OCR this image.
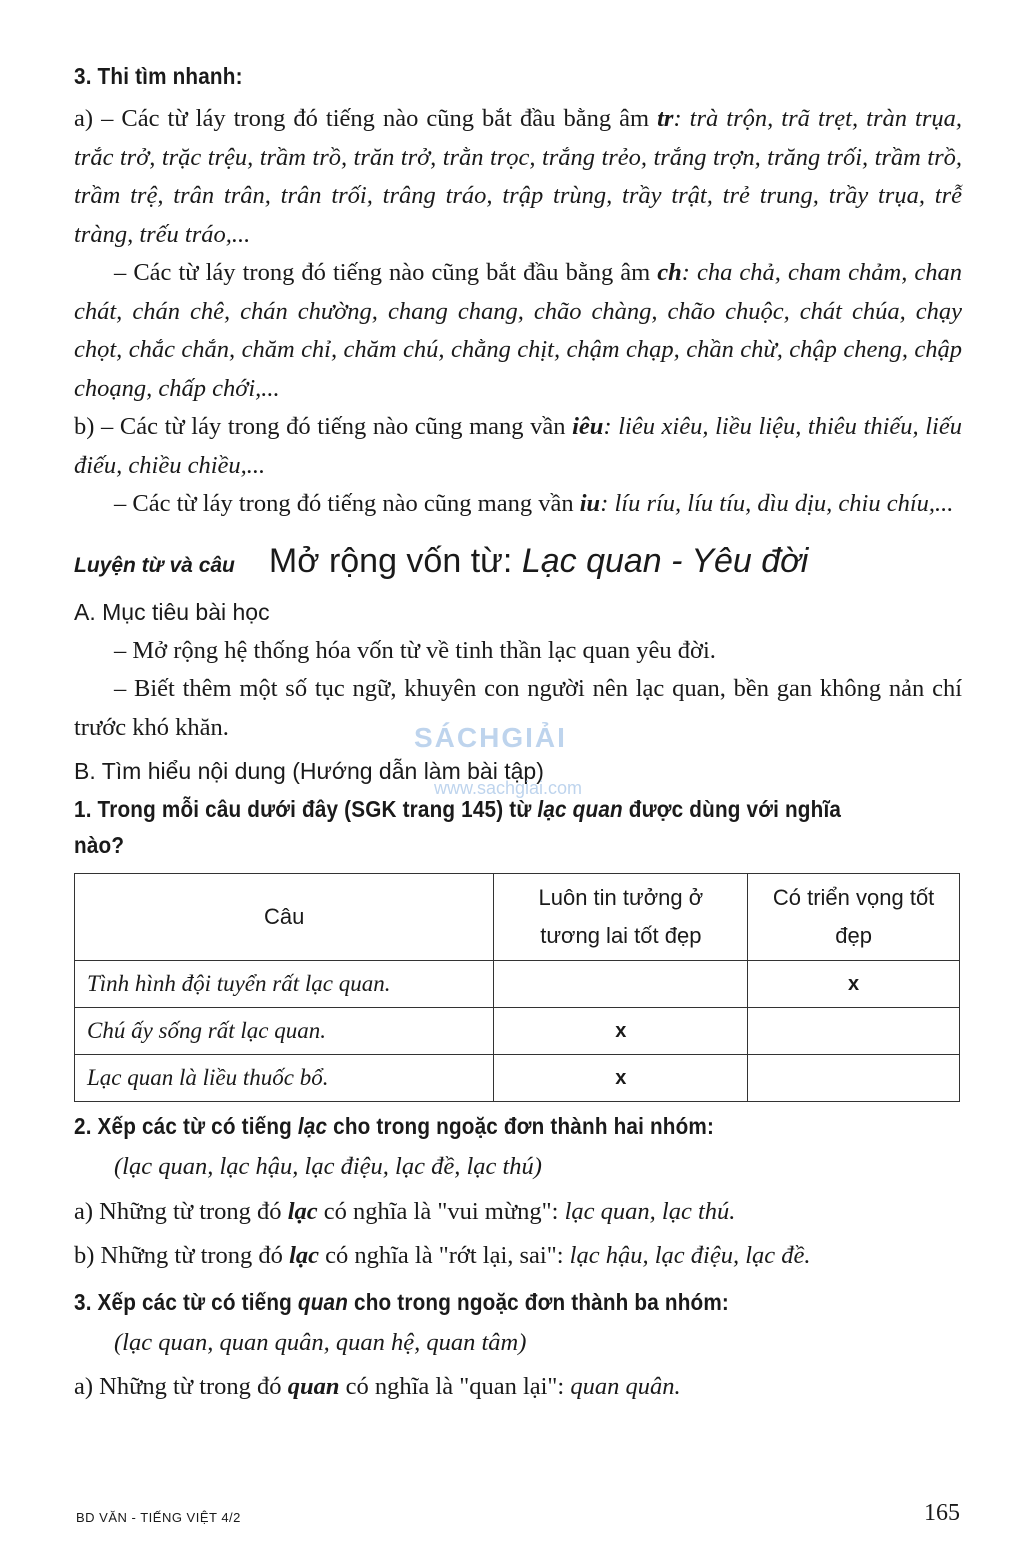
3. Thi tìm nhanh:

a) – Các từ láy trong đó tiếng nào cũng bắt đầu bằng âm tr: trà trộn, trã trẹt, tràn trụa, trắc trở, trặc trệu, trầm trồ, trăn trở, trằn trọc, trắng trẻo, trắng trợn, trăng trối, trầm trồ, trầm trệ, trân trân, trân trối, trâng tráo, trập trùng, trầy trật, trẻ trung, trầy trụa, trễ tràng, trếu tráo,...

– Các từ láy trong đó tiếng nào cũng bắt đầu bằng âm ch: cha chả, cham chảm, chan chát, chán chê, chán chường, chang chang, chão chàng, chão chuộc, chát chúa, chạy chọt, chắc chắn, chăm chỉ, chăm chú, chằng chịt, chậm chạp, chần chừ, chập cheng, chập choạng, chấp chới,...

b) – Các từ láy trong đó tiếng nào cũng mang vần iêu: liêu xiêu, liều liệu, thiêu thiếu, liếu điếu, chiều chiều,...

– Các từ láy trong đó tiếng nào cũng mang vần iu: líu ríu, líu tíu, dìu dịu, chiu chíu,...

Luyện từ và câu Mở rộng vốn từ: Lạc quan - Yêu đời

A. Mục tiêu bài học

– Mở rộng hệ thống hóa vốn từ về tinh thần lạc quan yêu đời.

– Biết thêm một số tục ngữ, khuyên con người nên lạc quan, bền gan không nản chí trước khó khăn.

B. Tìm hiểu nội dung (Hướng dẫn làm bài tập)

1. Trong mỗi câu dưới đây (SGK trang 145) từ lạc quan được dùng với nghĩa nào?

Câu	Luôn tin tưởng ở tương lai tốt đẹp	Có triển vọng tốt đẹp
Tình hình đội tuyển rất lạc quan.		x
Chú ấy sống rất lạc quan.	x	
Lạc quan là liều thuốc bổ.	x	

2. Xếp các từ có tiếng lạc cho trong ngoặc đơn thành hai nhóm:

(lạc quan, lạc hậu, lạc điệu, lạc đề, lạc thú)

a) Những từ trong đó lạc có nghĩa là "vui mừng": lạc quan, lạc thú.

b) Những từ trong đó lạc có nghĩa là "rớt lại, sai": lạc hậu, lạc điệu, lạc đề.

3. Xếp các từ có tiếng quan cho trong ngoặc đơn thành ba nhóm:

(lạc quan, quan quân, quan hệ, quan tâm)

a) Những từ trong đó quan có nghĩa là "quan lại": quan quân.

SÁCHGIẢI
www.sachgiai.com
BD VĂN - TIẾNG VIỆT 4/2	165
